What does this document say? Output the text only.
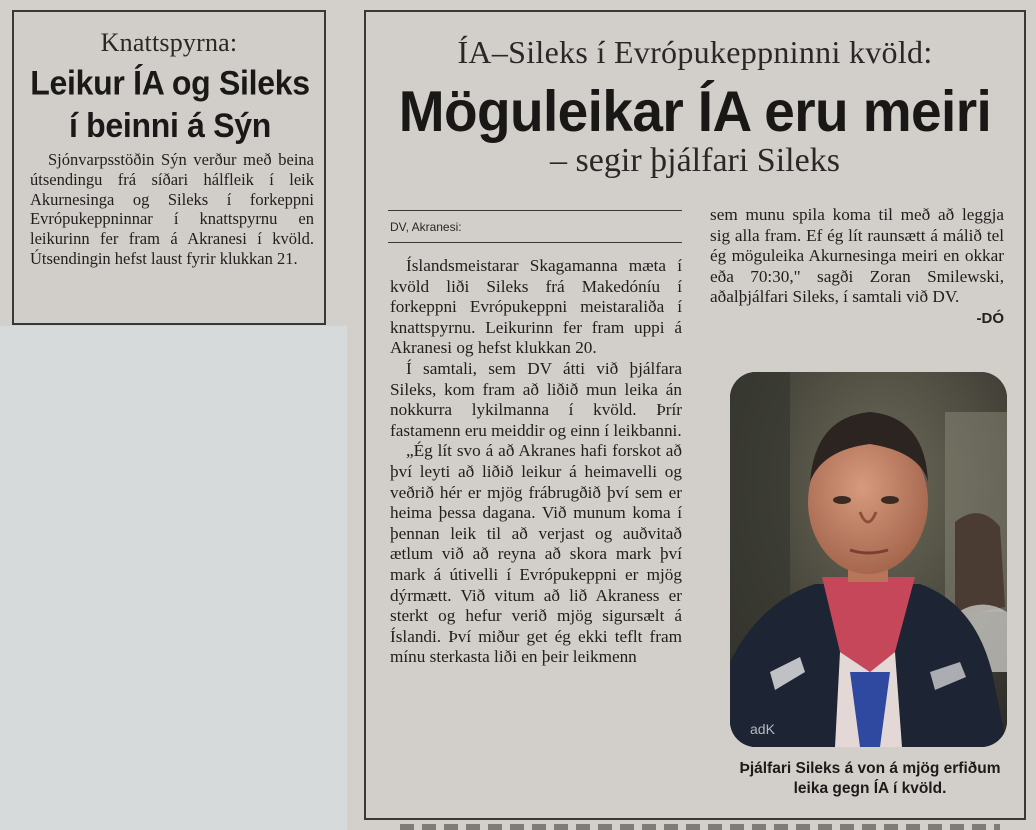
Knattspyrna:
Leikur ÍA og Sileks
í beinni á Sýn
Sjónvarpsstöðin Sýn verður með beina útsendingu frá síðari hálfleik í leik Akurnesinga og Sileks í forkeppni Evrópukeppninnar í knattspyrnu en leikurinn fer fram á Akranesi í kvöld. Útsendingin hefst laust fyrir klukkan 21.
ÍA–Sileks í Evrópukeppninni kvöld:
Möguleikar ÍA eru meiri
– segir þjálfari Sileks
DV, Akranesi:

Íslandsmeistarar Skagamanna mæta í kvöld liði Sileks frá Makedóníu í forkeppni Evrópukeppni meistaraliða í knattspyrnu. Leikurinn fer fram uppi á Akranesi og hefst klukkan 20.

Í samtali, sem DV átti við þjálfara Sileks, kom fram að liðið mun leika án nokkurra lykilmanna í kvöld. Þrír fastamenn eru meiddir og einn í leikbanni.

„Ég lít svo á að Akranes hafi forskot að því leyti að liðið leikur á heimavelli og veðrið hér er mjög frábrugðið því sem er heima þessa dagana. Við munum koma í þennan leik til að verjast og auðvitað ætlum við að reyna að skora mark því mark á útivelli í Evrópukeppni er mjög dýrmætt. Við vitum að lið Akraness er sterkt og hefur verið mjög sigursælt á Íslandi. Því miður get ég ekki teflt fram mínu sterkasta liði en þeir leikmenn

sem munu spila koma til með að leggja sig alla fram. Ef ég lít raunsætt á málið tel ég möguleika Akurnesinga meiri en okkar eða 70:30," sagði Zoran Smilewski, aðalþjálfari Sileks, í samtali við DV.

-DÓ
adK
Þjálfari Sileks á von á mjög erfiðum leika gegn ÍA í kvöld.
